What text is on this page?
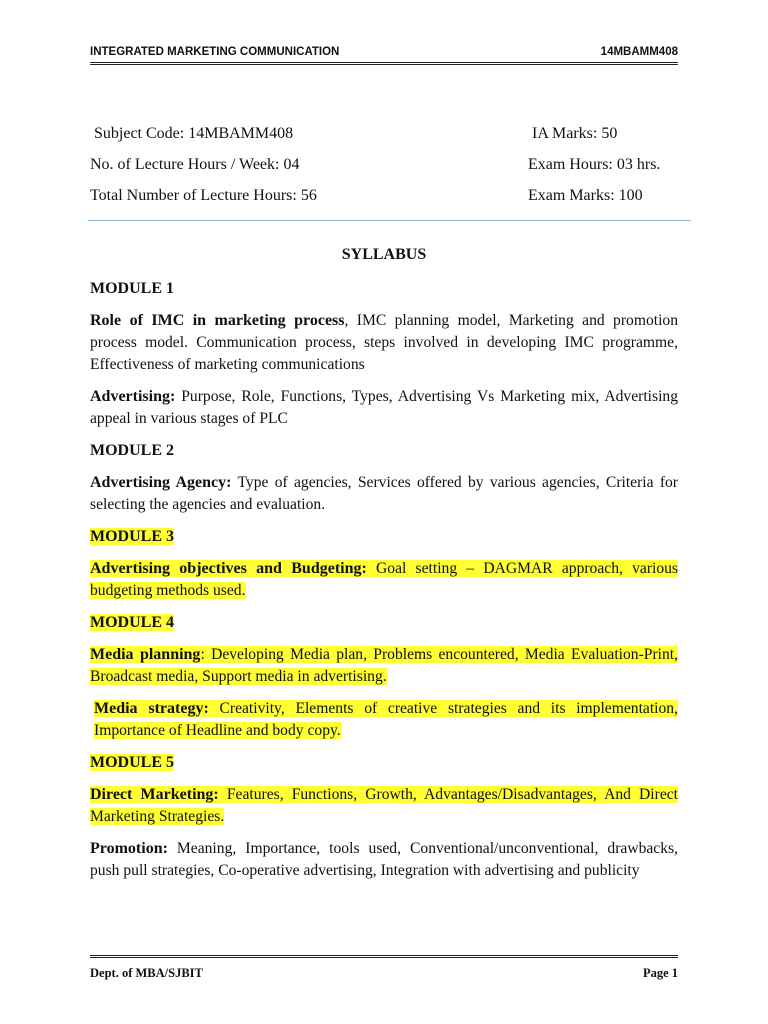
INTEGRATED MARKETING COMMUNICATION	14MBAMM408
Subject Code: 14MBAMM408	IA Marks: 50
No. of Lecture Hours / Week: 04	Exam Hours: 03 hrs.
Total Number of Lecture Hours: 56	Exam Marks: 100
SYLLABUS
MODULE 1

Role of IMC in marketing process, IMC planning model, Marketing and promotion process model. Communication process, steps involved in developing IMC programme, Effectiveness of marketing communications

Advertising: Purpose, Role, Functions, Types, Advertising Vs Marketing mix, Advertising appeal in various stages of PLC

MODULE 2

Advertising Agency: Type of agencies, Services offered by various agencies, Criteria for selecting the agencies and evaluation.

MODULE 3

Advertising objectives and Budgeting: Goal setting – DAGMAR approach, various budgeting methods used.

MODULE 4

Media planning: Developing Media plan, Problems encountered, Media Evaluation-Print, Broadcast media, Support media in advertising.

Media strategy: Creativity, Elements of creative strategies and its implementation, Importance of Headline and body copy.

MODULE 5

Direct Marketing: Features, Functions, Growth, Advantages/Disadvantages, And Direct Marketing Strategies.

Promotion: Meaning, Importance, tools used, Conventional/unconventional, drawbacks, push pull strategies, Co-operative advertising, Integration with advertising and publicity

Dept. of MBA/SJBIT	Page 1
